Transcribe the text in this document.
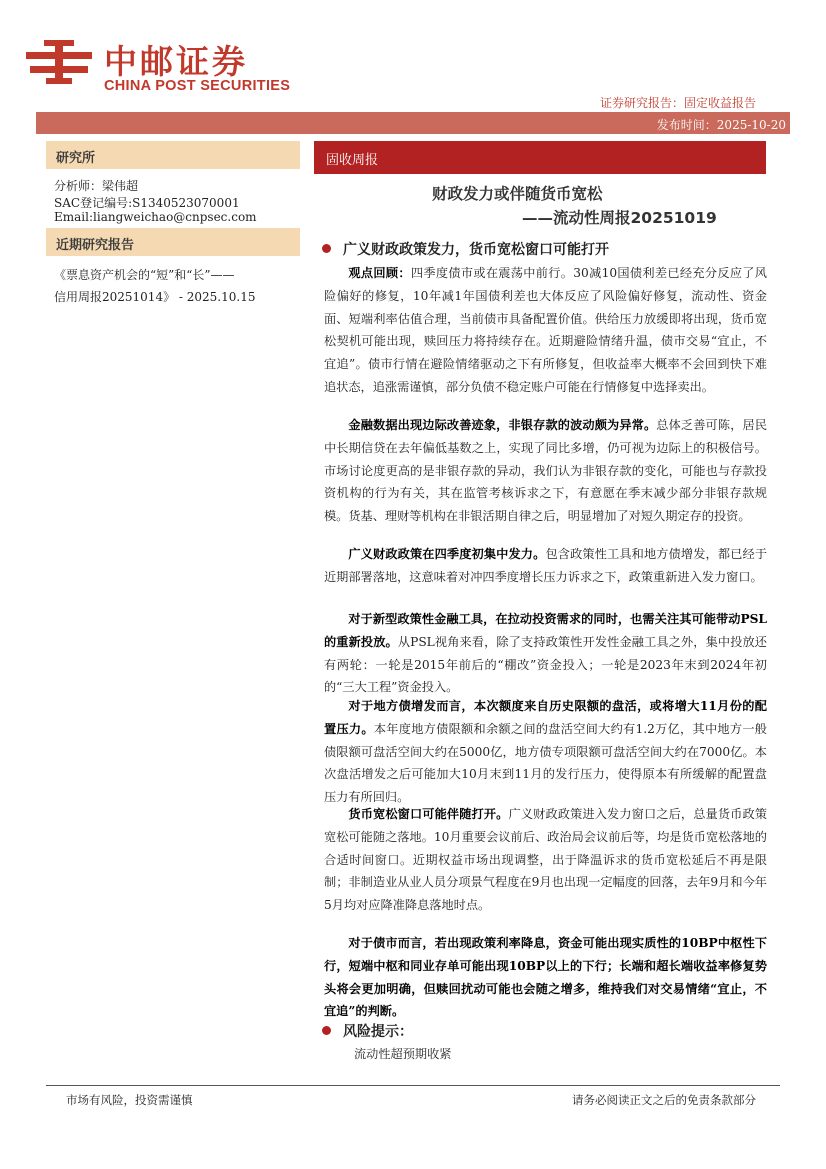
中邮证券
CHINA POST SECURITIES
证券研究报告：固定收益报告
发布时间：2025-10-20
研究所
分析师：梁伟超
SAC登记编号:S1340523070001
Email:liangweichao@cnpsec.com
近期研究报告
《票息资产机会的“短”和“长”——
信用周报20251014》 - 2025.10.15
固收周报
财政发力或伴随货币宽松
——流动性周报20251019
广义财政政策发力，货币宽松窗口可能打开

观点回顾：四季度债市或在震荡中前行。30减10国债利差已经充分反应了风险偏好的修复，10年减1年国债利差也大体反应了风险偏好修复，流动性、资金面、短端利率估值合理，当前债市具备配置价值。供给压力放缓即将出现，货币宽松契机可能出现，赎回压力将持续存在。近期避险情绪升温，债市交易“宜止，不宜追”。债市行情在避险情绪驱动之下有所修复，但收益率大概率不会回到快下难追状态，追涨需谨慎，部分负债不稳定账户可能在行情修复中选择卖出。

金融数据出现边际改善迹象，非银存款的波动颇为异常。总体乏善可陈，居民中长期信贷在去年偏低基数之上，实现了同比多增，仍可视为边际上的积极信号。市场讨论度更高的是非银存款的异动，我们认为非银存款的变化，可能也与存款投资机构的行为有关，其在监管考核诉求之下，有意愿在季末减少部分非银存款规模。货基、理财等机构在非银活期自律之后，明显增加了对短久期定存的投资。

广义财政政策在四季度初集中发力。包含政策性工具和地方债增发，都已经于近期部署落地，这意味着对冲四季度增长压力诉求之下，政策重新进入发力窗口。

对于新型政策性金融工具，在拉动投资需求的同时，也需关注其可能带动PSL的重新投放。从PSL视角来看，除了支持政策性开发性金融工具之外，集中投放还有两轮：一轮是2015年前后的“棚改”资金投入；一轮是2023年末到2024年初的“三大工程”资金投入。

对于地方债增发而言，本次额度来自历史限额的盘活，或将增大11月份的配置压力。本年度地方债限额和余额之间的盘活空间大约有1.2万亿，其中地方一般债限额可盘活空间大约在5000亿，地方债专项限额可盘活空间大约在7000亿。本次盘活增发之后可能加大10月末到11月的发行压力，使得原本有所缓解的配置盘压力有所回归。

货币宽松窗口可能伴随打开。广义财政政策进入发力窗口之后，总量货币政策宽松可能随之落地。10月重要会议前后、政治局会议前后等，均是货币宽松落地的合适时间窗口。近期权益市场出现调整，出于降温诉求的货币宽松延后不再是限制；非制造业从业人员分项景气程度在9月也出现一定幅度的回落，去年9月和今年5月均对应降准降息落地时点。

对于债市而言，若出现政策利率降息，资金可能出现实质性的10BP中枢性下行，短端中枢和同业存单可能出现10BP以上的下行；长端和超长端收益率修复势头将会更加明确，但赎回扰动可能也会随之增多，维持我们对交易情绪“宜止，不宜追”的判断。

风险提示：
流动性超预期收紧
市场有风险，投资需谨慎	请务必阅读正文之后的免责条款部分
